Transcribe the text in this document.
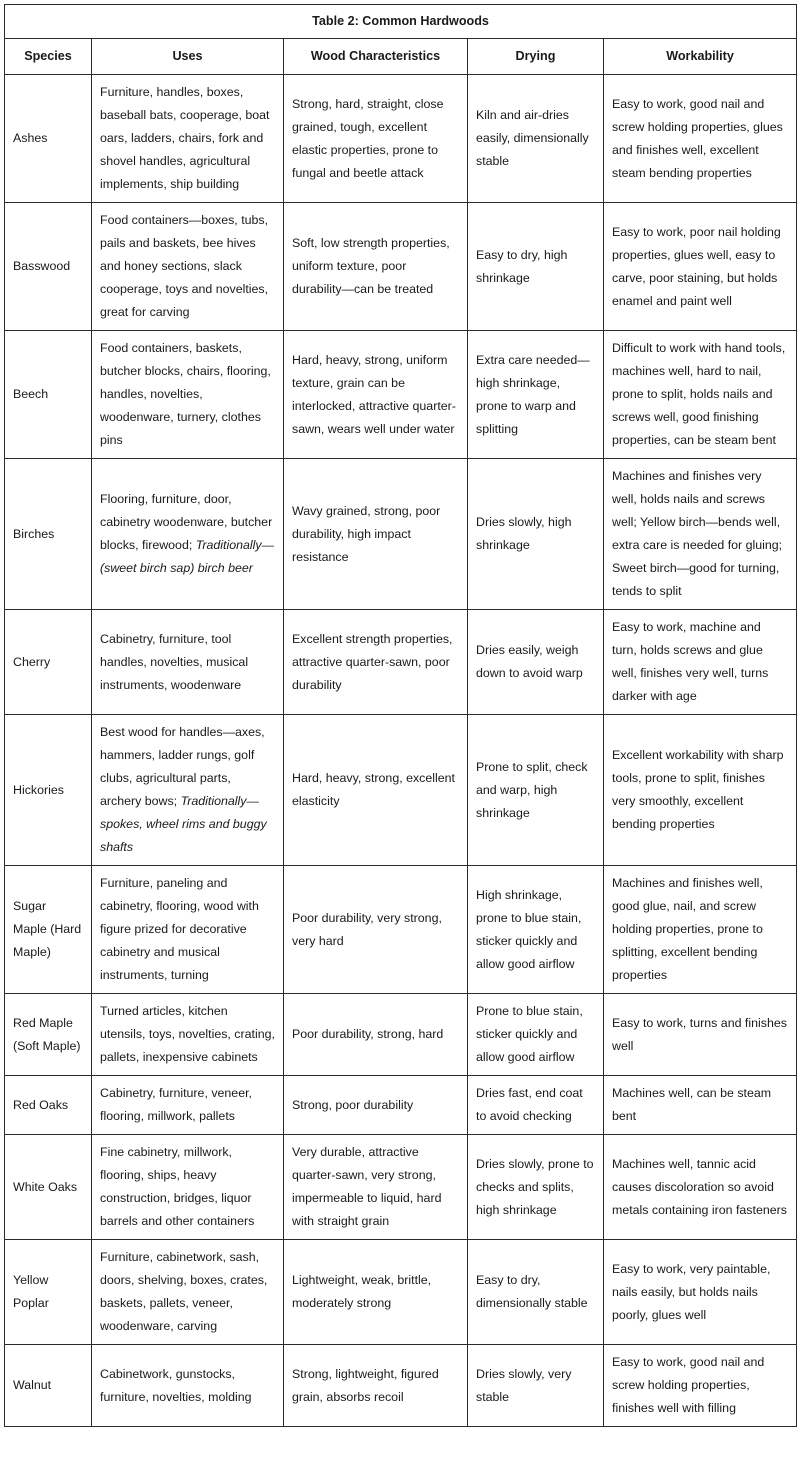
Table 2: Common Hardwoods				
Species	Uses	Wood Characteristics	Drying	Workability
Ashes	Furniture, handles, boxes, baseball bats, cooperage, boat oars, ladders, chairs, fork and shovel handles, agricultural implements, ship building	Strong, hard, straight, close grained, tough, excellent elastic properties, prone to fungal and beetle attack	Kiln and air-dries easily, dimensionally stable	Easy to work, good nail and screw holding properties, glues and finishes well, excellent steam bending properties
Basswood	Food containers—boxes, tubs, pails and baskets, bee hives and honey sections, slack cooperage, toys and novelties, great for carving	Soft, low strength properties, uniform texture, poor durability—can be treated	Easy to dry, high shrinkage	Easy to work, poor nail holding properties, glues well, easy to carve, poor staining, but holds enamel and paint well
Beech	Food containers, baskets, butcher blocks, chairs, flooring, handles, novelties, woodenware, turnery, clothes pins	Hard, heavy, strong, uniform texture, grain can be interlocked, attractive quarter-sawn, wears well under water	Extra care needed—high shrinkage, prone to warp and splitting	Difficult to work with hand tools, machines well, hard to nail, prone to split, holds nails and screws well, good finishing properties, can be steam bent
Birches	Flooring, furniture, door, cabinetry woodenware, butcher blocks, firewood; Traditionally—(sweet birch sap) birch beer	Wavy grained, strong, poor durability, high impact resistance	Dries slowly, high shrinkage	Machines and finishes very well, holds nails and screws well; Yellow birch—bends well, extra care is needed for gluing; Sweet birch—good for turning, tends to split
Cherry	Cabinetry, furniture, tool handles, novelties, musical instruments, woodenware	Excellent strength properties, attractive quarter-sawn, poor durability	Dries easily, weigh down to avoid warp	Easy to work, machine and turn, holds screws and glue well, finishes very well, turns darker with age
Hickories	Best wood for handles—axes, hammers, ladder rungs, golf clubs, agricultural parts, archery bows; Traditionally—spokes, wheel rims and buggy shafts	Hard, heavy, strong, excellent elasticity	Prone to split, check and warp, high shrinkage	Excellent workability with sharp tools, prone to split, finishes very smoothly, excellent bending properties
Sugar Maple (Hard Maple)	Furniture, paneling and cabinetry, flooring, wood with figure prized for decorative cabinetry and musical instruments, turning	Poor durability, very strong, very hard	High shrinkage, prone to blue stain, sticker quickly and allow good airflow	Machines and finishes well, good glue, nail, and screw holding properties, prone to splitting, excellent bending properties
Red Maple (Soft Maple)	Turned articles, kitchen utensils, toys, novelties, crating, pallets, inexpensive cabinets	Poor durability, strong, hard	Prone to blue stain, sticker quickly and allow good airflow	Easy to work, turns and finishes well
Red Oaks	Cabinetry, furniture, veneer, flooring, millwork, pallets	Strong, poor durability	Dries fast, end coat to avoid checking	Machines well, can be steam bent
White Oaks	Fine cabinetry, millwork, flooring, ships, heavy construction, bridges, liquor barrels and other containers	Very durable, attractive quarter-sawn, very strong, impermeable to liquid, hard with straight grain	Dries slowly, prone to checks and splits, high shrinkage	Machines well, tannic acid causes discoloration so avoid metals containing iron fasteners
Yellow Poplar	Furniture, cabinetwork, sash, doors, shelving, boxes, crates, baskets, pallets, veneer, woodenware, carving	Lightweight, weak, brittle, moderately strong	Easy to dry, dimensionally stable	Easy to work, very paintable, nails easily, but holds nails poorly, glues well
Walnut	Cabinetwork, gunstocks, furniture, novelties, molding	Strong, lightweight, figured grain, absorbs recoil	Dries slowly, very stable	Easy to work, good nail and screw holding properties, finishes well with filling
